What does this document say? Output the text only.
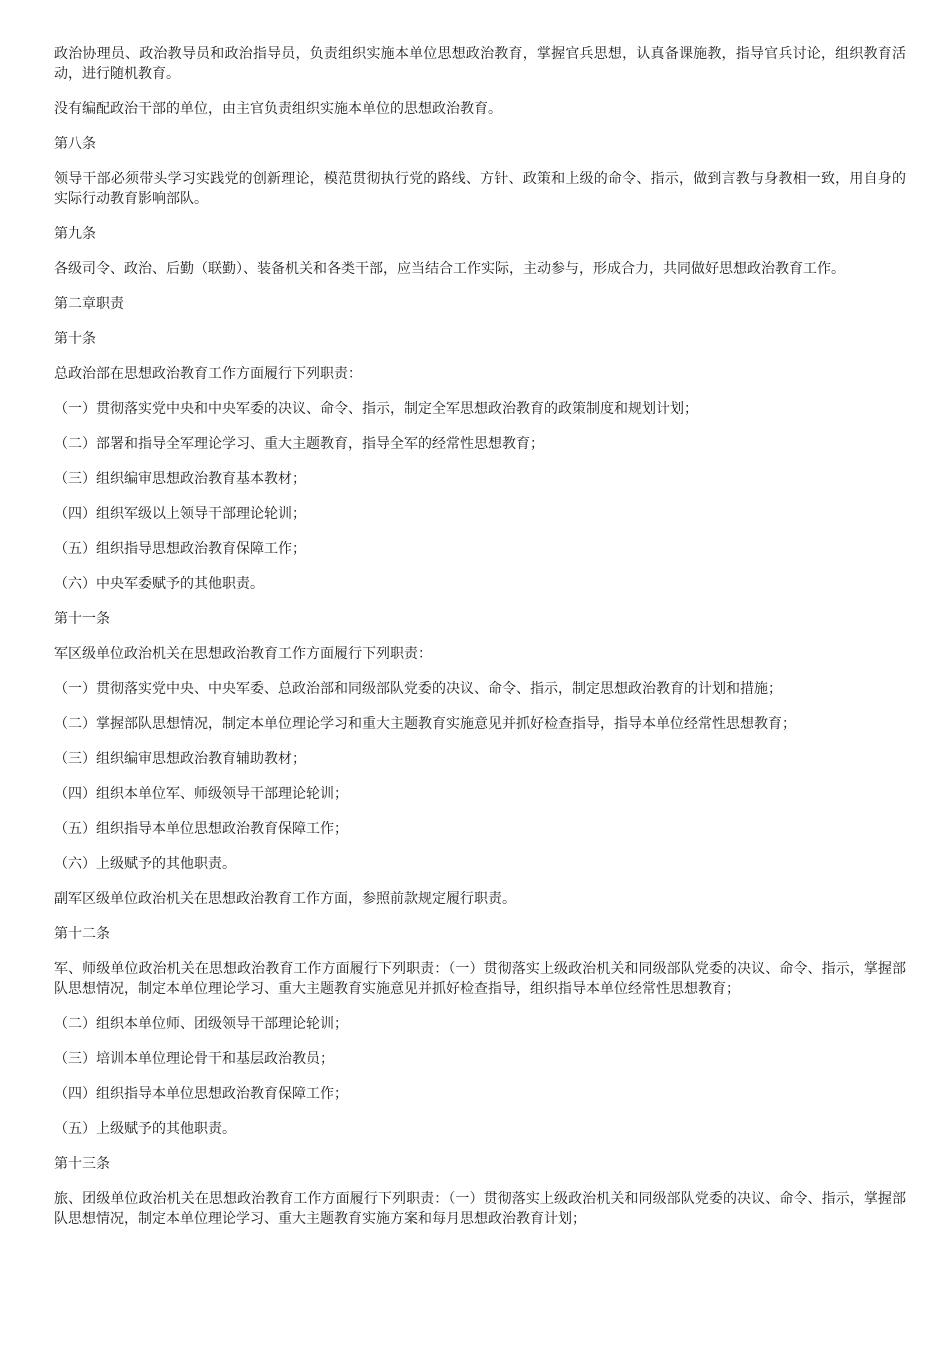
政治协理员、政治教导员和政治指导员，负责组织实施本单位思想政治教育，掌握官兵思想，认真备课施教，指导官兵讨论，组织教育活动，进行随机教育。

没有编配政治干部的单位，由主官负责组织实施本单位的思想政治教育。

第八条

领导干部必须带头学习实践党的创新理论，模范贯彻执行党的路线、方针、政策和上级的命令、指示，做到言教与身教相一致，用自身的实际行动教育影响部队。

第九条

各级司令、政治、后勤（联勤）、装备机关和各类干部，应当结合工作实际，主动参与，形成合力，共同做好思想政治教育工作。

第二章职责

第十条

总政治部在思想政治教育工作方面履行下列职责：

（一）贯彻落实党中央和中央军委的决议、命令、指示，制定全军思想政治教育的政策制度和规划计划；

（二）部署和指导全军理论学习、重大主题教育，指导全军的经常性思想教育；

（三）组织编审思想政治教育基本教材；

（四）组织军级以上领导干部理论轮训；

（五）组织指导思想政治教育保障工作；

（六）中央军委赋予的其他职责。

第十一条

军区级单位政治机关在思想政治教育工作方面履行下列职责：

（一）贯彻落实党中央、中央军委、总政治部和同级部队党委的决议、命令、指示，制定思想政治教育的计划和措施；

（二）掌握部队思想情况，制定本单位理论学习和重大主题教育实施意见并抓好检查指导，指导本单位经常性思想教育；

（三）组织编审思想政治教育辅助教材；

（四）组织本单位军、师级领导干部理论轮训；

（五）组织指导本单位思想政治教育保障工作；

（六）上级赋予的其他职责。

副军区级单位政治机关在思想政治教育工作方面，参照前款规定履行职责。

第十二条

军、师级单位政治机关在思想政治教育工作方面履行下列职责：（一）贯彻落实上级政治机关和同级部队党委的决议、命令、指示，掌握部队思想情况，制定本单位理论学习、重大主题教育实施意见并抓好检查指导，组织指导本单位经常性思想教育；

（二）组织本单位师、团级领导干部理论轮训；

（三）培训本单位理论骨干和基层政治教员；

（四）组织指导本单位思想政治教育保障工作；

（五）上级赋予的其他职责。

第十三条

旅、团级单位政治机关在思想政治教育工作方面履行下列职责：（一）贯彻落实上级政治机关和同级部队党委的决议、命令、指示，掌握部队思想情况，制定本单位理论学习、重大主题教育实施方案和每月思想政治教育计划；
